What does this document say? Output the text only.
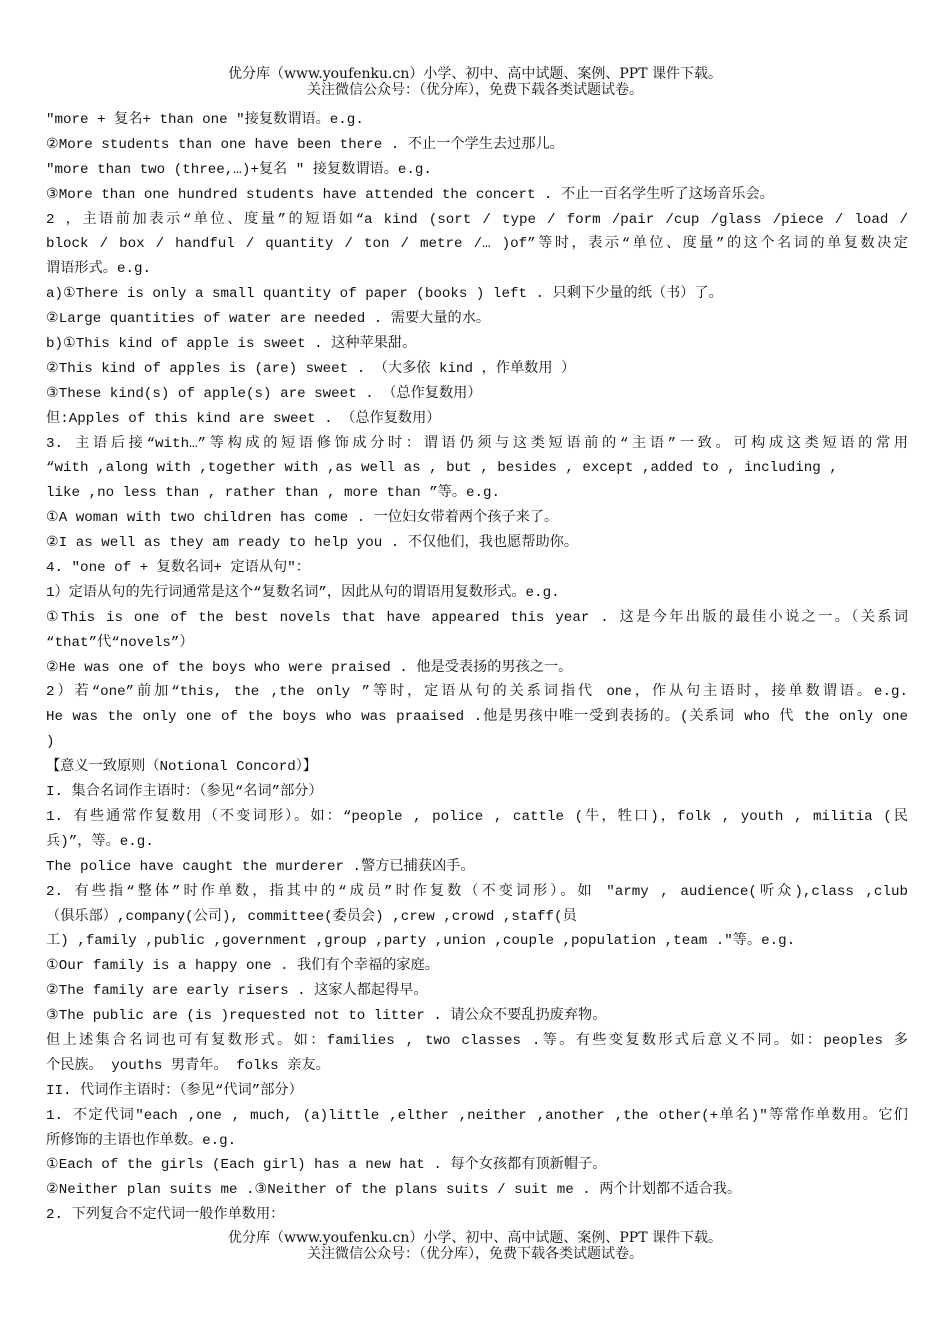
优分库（www.youfenku.cn）小学、初中、高中试题、案例、PPT 课件下载。
关注微信公众号：（优分库），免费下载各类试题试卷。
"more + 复名+ than one "接复数谓语。e.g.
②More students than one have been there . 不止一个学生去过那儿。
"more than two (three,…)+复名 " 接复数谓语。e.g.
③More than one hundred students have attended the concert . 不止一百名学生听了这场音乐会。
2 ，主语前加表示“单位、度量”的短语如“a kind (sort / type / form /pair /cup /glass /piece / load /
block / box / handful / quantity / ton / metre /… )of”等时，表示“单位、度量”的这个名词的单复数决定
谓语形式。e.g.
a)①There is only a small quantity of paper (books ) left . 只剩下少量的纸（书）了。
②Large quantities of water are needed . 需要大量的水。
b)①This kind of apple is sweet . 这种苹果甜。
②This kind of apples is (are) sweet . （大多依 kind ，作单数用 ）
③These kind(s) of apple(s) are sweet . （总作复数用）
但:Apples of this kind are sweet . （总作复数用）
3. 主语后接“with…”等构成的短语修饰成分时：谓语仍须与这类短语前的“主语”一致。可构成这类短语的常用
“with ,along with ,together with ,as well as , but , besides , except ,added to , including ,
like ,no less than , rather than , more than ”等。e.g.
①A woman with two children has come . 一位妇女带着两个孩子来了。
②I as well as they am ready to help you . 不仅他们，我也愿帮助你。
4. "one of + 复数名词+ 定语从句"：
1）定语从句的先行词通常是这个“复数名词”，因此从句的谓语用复数形式。e.g.
①This is one of the best novels that have appeared this year . 这是今年出版的最佳小说之一。（关系词
“that”代“novels”）
②He was one of the boys who were praised . 他是受表扬的男孩之一。
2）若“one”前加“this, the ,the only ”等时，定语从句的关系词指代 one，作从句主语时，接单数谓语。e.g.
He was the only one of the boys who was praaised .他是男孩中唯一受到表扬的。(关系词 who 代 the only one
)
【意义一致原则（Notional Concord）】
I. 集合名词作主语时：（参见“名词”部分）
1. 有些通常作复数用（不变词形）。如：“people , police , cattle (牛，牲口)，folk , youth , militia (民
兵)”，等。e.g.
The police have caught the murderer .警方已捕获凶手。
2. 有些指“整体”时作单数，指其中的“成员”时作复数（不变词形）。如 "army , audience(听众),class ,club
（俱乐部）,company(公司), committee(委员会) ,crew ,crowd ,staff(员
工) ,family ,public ,government ,group ,party ,union ,couple ,population ,team ."等。e.g.
①Our family is a happy one . 我们有个幸福的家庭。
②The family are early risers . 这家人都起得早。
③The public are (is )requested not to litter . 请公众不要乱扔废弃物。
但上述集合名词也可有复数形式。如：families , two classes .等。有些变复数形式后意义不同。如：peoples 多
个民族。 youths 男青年。 folks 亲友。
II. 代词作主语时：（参见“代词”部分）
1. 不定代词"each ,one , much, (a)little ,elther ,neither ,another ,the other(+单名)"等常作单数用。它们
所修饰的主语也作单数。e.g.
①Each of the girls (Each girl) has a new hat . 每个女孩都有顶新帽子。
②Neither plan suits me .③Neither of the plans suits / suit me . 两个计划都不适合我。
2. 下列复合不定代词一般作单数用：
优分库（www.youfenku.cn）小学、初中、高中试题、案例、PPT 课件下载。
关注微信公众号：（优分库），免费下载各类试题试卷。
